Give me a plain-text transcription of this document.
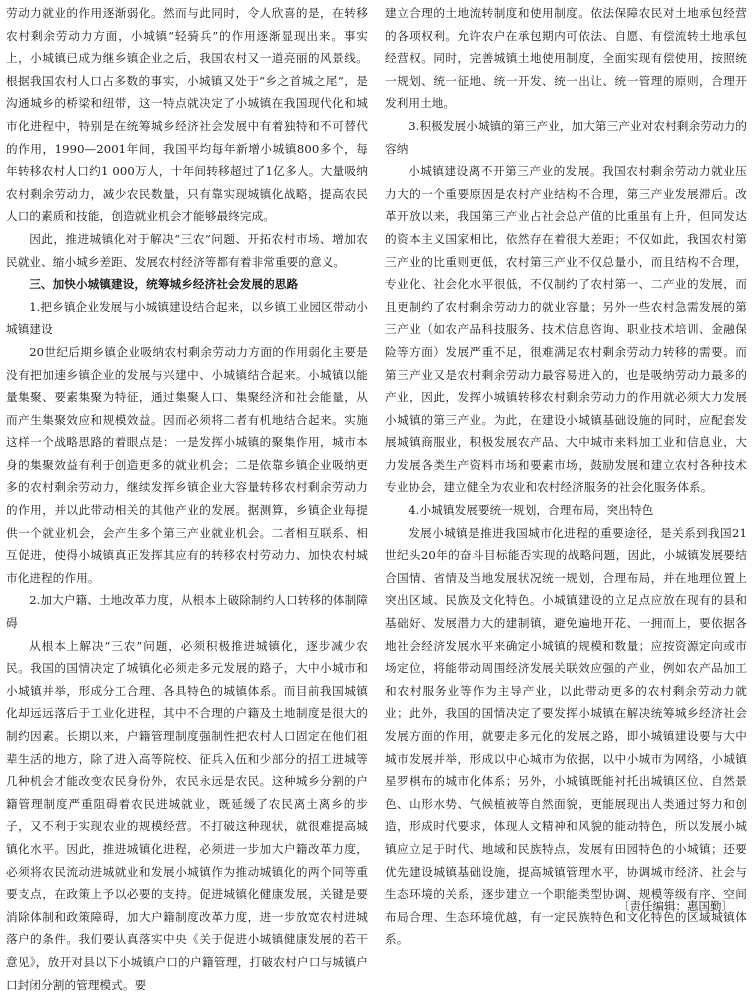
劳动力就业的作用逐渐弱化。然而与此同时，令人欣喜的是，在转移农村剩余劳动力方面，小城镇“轻骑兵”的作用逐渐显现出来。事实上，小城镇已成为继乡镇企业之后，我国农村又一道亮丽的风景线。根据我国农村人口占多数的事实，小城镇又处于“乡之首城之尾”，是沟通城乡的桥梁和纽带，这一特点就决定了小城镇在我国现代化和城市化进程中，特别是在统筹城乡经济社会发展中有着独特和不可替代的作用，1990—2001年间，我国平均每年新增小城镇800多个，每年转移农村人口约1 000万人，十年间转移超过了1亿多人。大量吸纳农村剩余劳动力，减少农民数量，只有靠实现城镇化战略，提高农民人口的素质和技能，创造就业机会才能够最终完成。

因此，推进城镇化对于解决“三农”问题、开拓农村市场、增加农民就业、缩小城乡差距、发展农村经济等都有着非常重要的意义。

三、加快小城镇建设，统筹城乡经济社会发展的思路

1.把乡镇企业发展与小城镇建设结合起来，以乡镇工业园区带动小城镇建设

20世纪后期乡镇企业吸纳农村剩余劳动力方面的作用弱化主要是没有把加速乡镇企业的发展与兴建中、小城镇结合起来。小城镇以能量集聚、要素集聚为特征，通过集聚人口、集聚经济和社会能量，从而产生集聚效应和规模效益。因而必须将二者有机地结合起来。实施这样一个战略思路的着眼点是：一是发挥小城镇的聚集作用，城市本身的集聚效益有利于创造更多的就业机会；二是依靠乡镇企业吸纳更多的农村剩余劳动力，继续发挥乡镇企业大容量转移农村剩余劳动力的作用，并以此带动相关的其他产业的发展。据测算，乡镇企业每提供一个就业机会，会产生多个第三产业就业机会。二者相互联系、相互促进，使得小城镇真正发挥其应有的转移农村劳动力、加快农村城市化进程的作用。

2.加大户籍、土地改革力度，从根本上破除制约人口转移的体制障碍

从根本上解决“三农”问题，必须积极推进城镇化，逐步减少农民。我国的国情决定了城镇化必须走多元发展的路子，大中小城市和小城镇并举，形成分工合理、各具特色的城镇体系。而目前我国城镇化却远远落后于工业化进程，其中不合理的户籍及土地制度是很大的制约因素。长期以来，户籍管理制度强制性把农村人口固定在他们祖辈生活的地方，除了进入高等院校、征兵入伍和少部分的招工进城等几种机会才能改变农民身份外，农民永远是农民。这种城乡分割的户籍管理制度严重阻碍着农民进城就业，既延缓了农民离土离乡的步子，又不利于实现农业的规模经营。不打破这种现状，就很难提高城镇化水平。因此，推进城镇化进程，必须进一步加大户籍改革力度，必须将农民流动进城就业和发展小城镇作为推动城镇化的两个同等重要支点，在政策上予以必要的支持。促进城镇化健康发展，关键是要消除体制和政策障碍，加大户籍制度改革力度，进一步放宽农村进城落户的条件。我们要认真落实中央《关于促进小城镇健康发展的若干意见》，放开对县以下小城镇户口的户籍管理，打破农村户口与城镇户口封闭分割的管理模式。要

建立合理的土地流转制度和使用制度。依法保障农民对土地承包经营的各项权利。允许农户在承包期内可依法、自愿、有偿流转土地承包经营权。同时，完善城镇土地使用制度，全面实现有偿使用，按照统一规划、统一征地、统一开发、统一出让、统一管理的原则，合理开发利用土地。

3.积极发展小城镇的第三产业，加大第三产业对农村剩余劳动力的容纳

小城镇建设离不开第三产业的发展。我国农村剩余劳动力就业压力大的一个重要原因是农村产业结构不合理，第三产业发展滞后。改革开放以来，我国第三产业占社会总产值的比重虽有上升，但同发达的资本主义国家相比，依然存在着很大差距；不仅如此，我国农村第三产业的比重则更低，农村第三产业不仅总量小，而且结构不合理，专业化、社会化水平很低，不仅制约了农村第一、二产业的发展，而且更制约了农村剩余劳动力的就业容量；另外一些农村急需发展的第三产业（如农产品科技服务、技术信息咨询、职业技术培训、金融保险等方面）发展严重不足，很难满足农村剩余劳动力转移的需要。而第三产业又是农村剩余劳动力最容易进入的，也是吸纳劳动力最多的产业，因此，发挥小城镇转移农村剩余劳动力的作用就必须大力发展小城镇的第三产业。为此，在建设小城镇基础设施的同时，应配套发展城镇商服业，积极发展农产品、大中城市来料加工业和信息业，大力发展各类生产资料市场和要素市场，鼓励发展和建立农村各种技术专业协会，建立健全为农业和农村经济服务的社会化服务体系。

4.小城镇发展要统一规划，合理布局，突出特色

发展小城镇是推进我国城市化进程的重要途径，是关系到我国21世纪头20年的奋斗目标能否实现的战略问题，因此，小城镇发展要结合国情、省情及当地发展状况统一规划，合理布局，并在地理位置上突出区域、民族及文化特色。小城镇建设的立足点应放在现有的县和基础好、发展潜力大的建制镇，避免遍地开花、一拥而上，要依据各地社会经济发展水平来确定小城镇的规模和数量；应按资源定向或市场定位，将能带动周围经济发展关联效应强的产业，例如农产品加工和农村服务业等作为主导产业，以此带动更多的农村剩余劳动力就业；此外，我国的国情决定了要发挥小城镇在解决统筹城乡经济社会发展方面的作用，就要走多元化的发展之路，即小城镇建设要与大中城市发展并举，形成以中心城市为依据，以中小城市为网络，小城镇星罗棋布的城市化体系；另外，小城镇既能衬托出城镇区位、自然景色、山形水势、气候植被等自然面貌，更能展现出人类通过努力和创造，形成时代要求，体现人文精神和风貌的能动特色，所以发展小城镇应立足于时代、地域和民族特点，发展有田园特色的小城镇；还要优先建设城镇基础设施，提高城镇管理水平，协调城市经济、社会与生态环境的关系，逐步建立一个职能类型协调、规模等级有序、空间布局合理、生态环境优越，有一定民族特色和文化特色的区域城镇体系。

〔责任编辑：惠国勤〕
